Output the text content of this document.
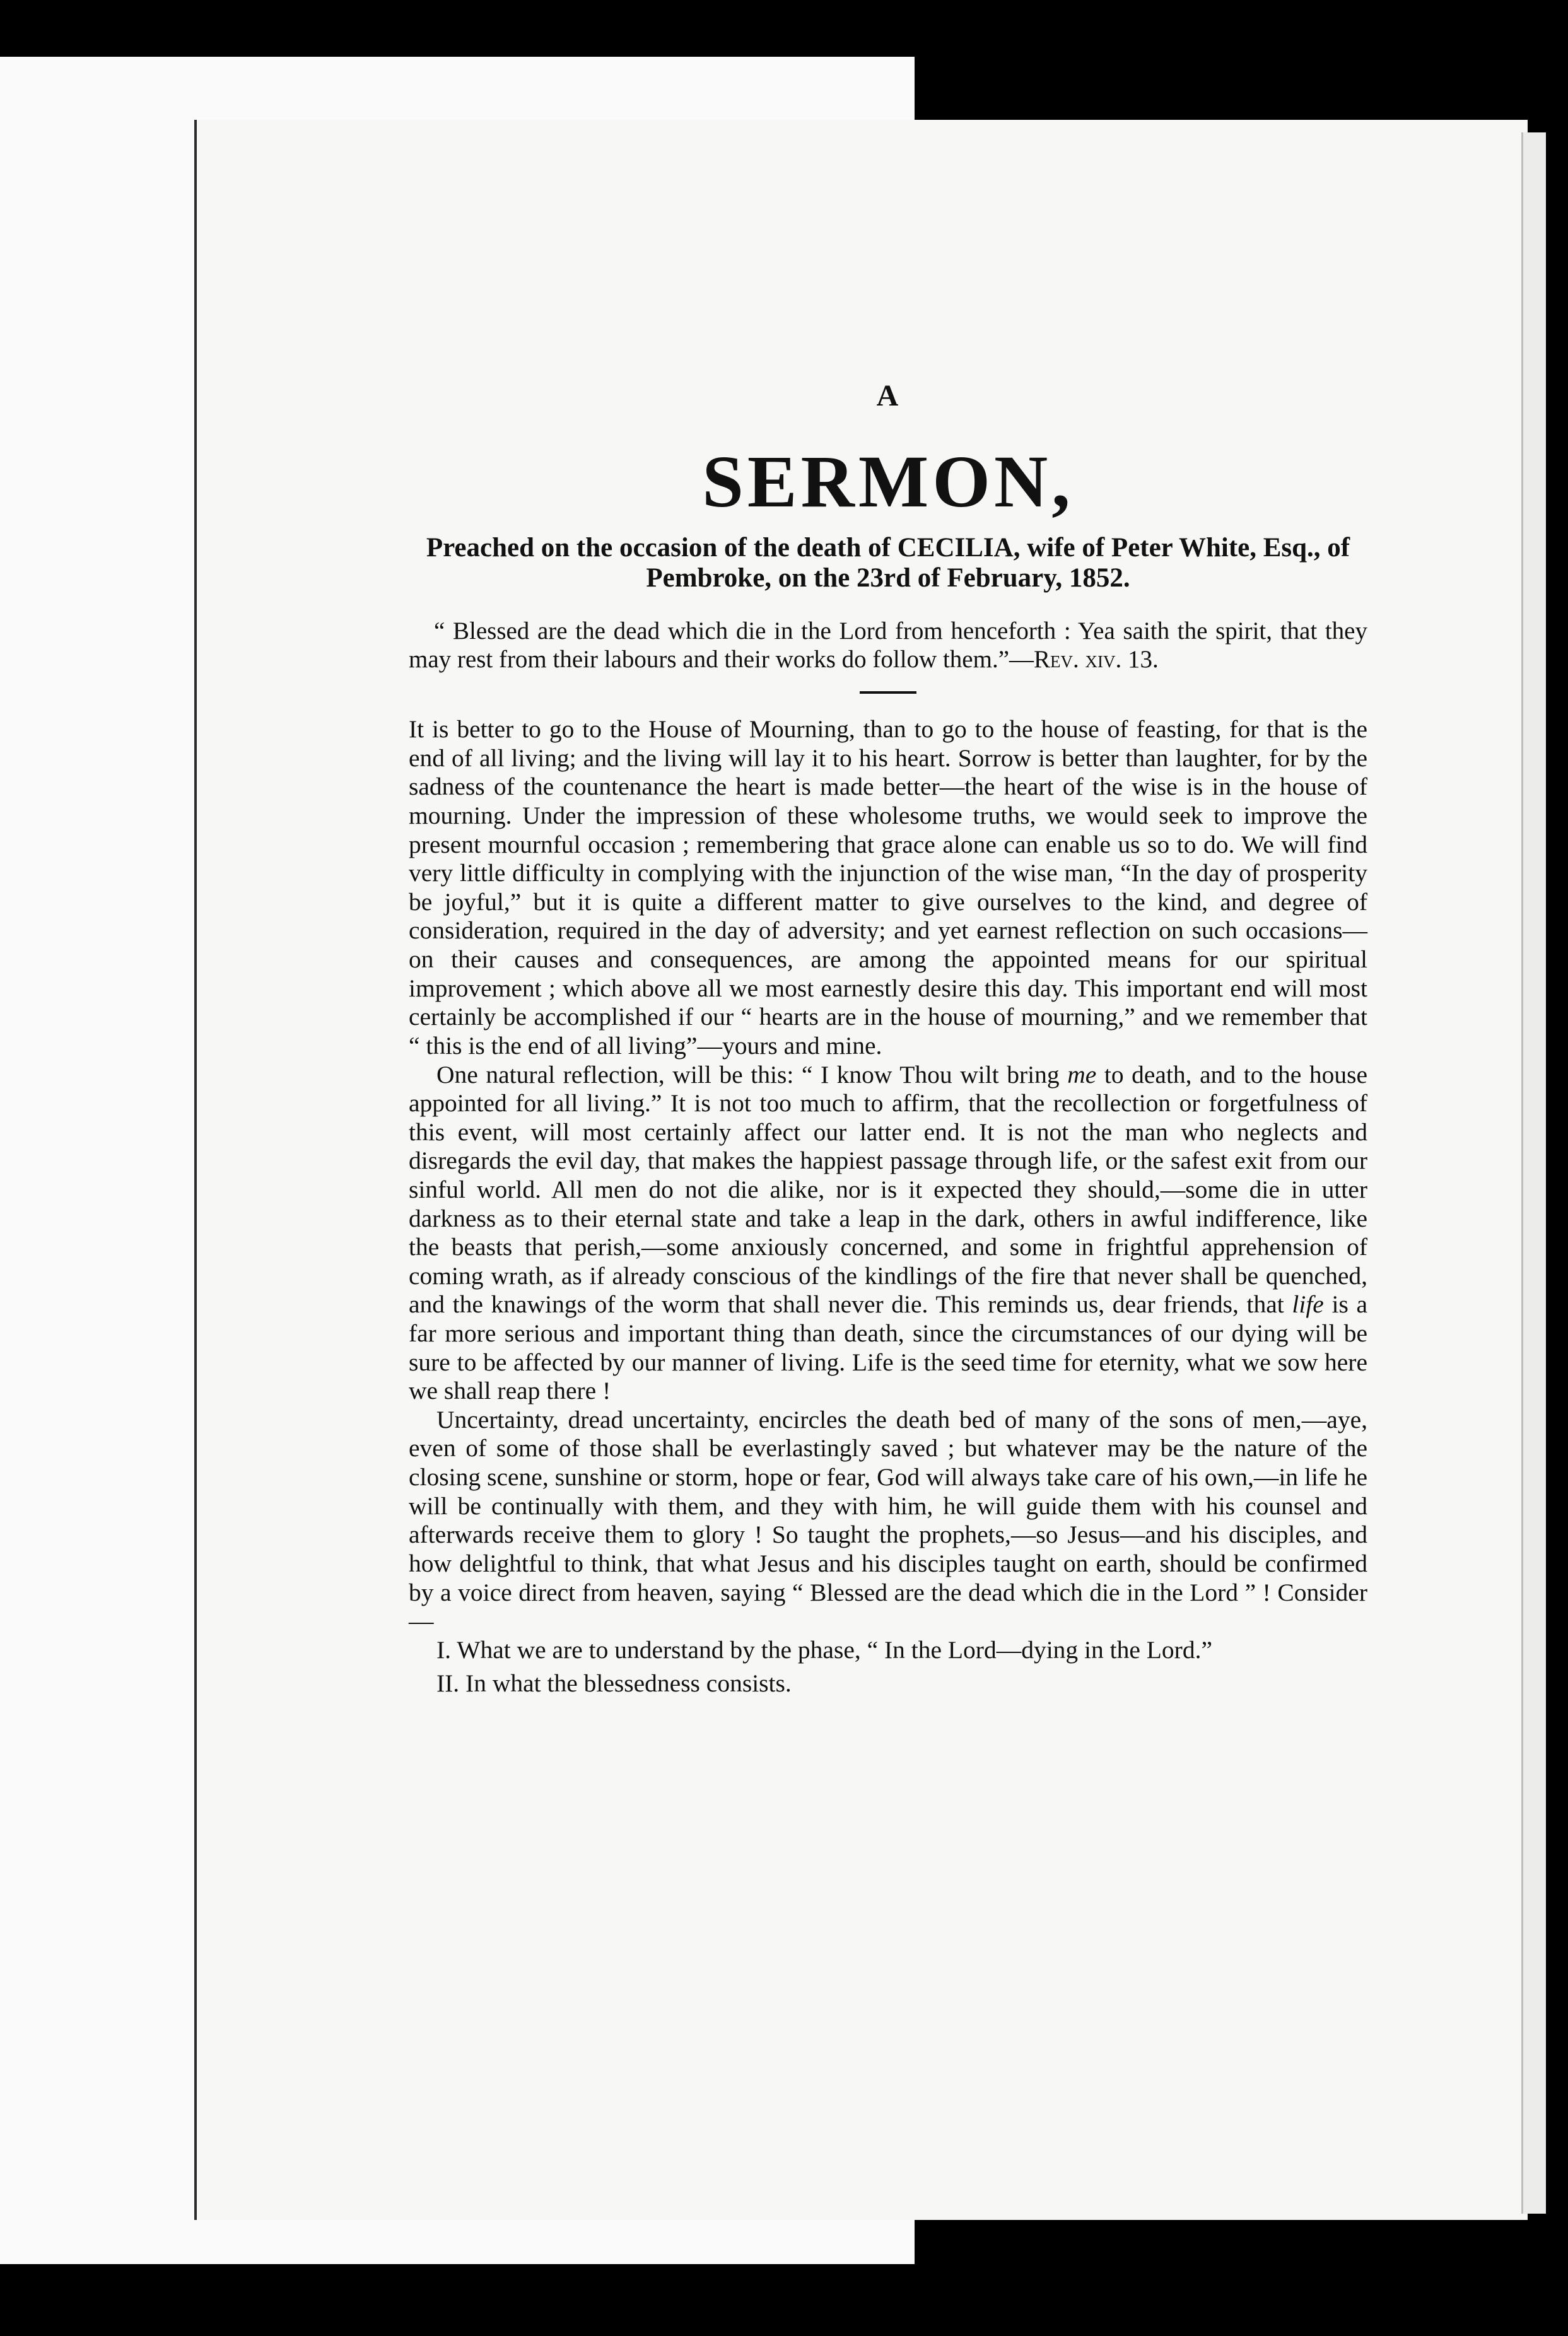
A
SERMON,
Preached on the occasion of the death of CECILIA, wife of Peter White, Esq., of Pembroke, on the 23rd of February, 1852.

“ Blessed are the dead which die in the Lord from henceforth : Yea saith the spirit, that they may rest from their labours and their works do follow them.”—Rev. xiv. 13.

It is better to go to the House of Mourning, than to go to the house of feasting, for that is the end of all living; and the living will lay it to his heart. Sorrow is better than laughter, for by the sadness of the countenance the heart is made better—the heart of the wise is in the house of mourning. Under the impression of these wholesome truths, we would seek to improve the present mournful occasion ; remembering that grace alone can enable us so to do. We will find very little difficulty in complying with the injunction of the wise man, “In the day of prosperity be joyful,” but it is quite a different matter to give ourselves to the kind, and degree of consideration, required in the day of adversity; and yet earnest reflection on such occasions—on their causes and consequences, are among the appointed means for our spiritual improvement ; which above all we most earnestly desire this day. This important end will most certainly be accomplished if our “ hearts are in the house of mourning,” and we remember that “ this is the end of all living”—yours and mine.

One natural reflection, will be this: “ I know Thou wilt bring me to death, and to the house appointed for all living.” It is not too much to affirm, that the recollection or forgetfulness of this event, will most certainly affect our latter end. It is not the man who neglects and disregards the evil day, that makes the happiest passage through life, or the safest exit from our sinful world. All men do not die alike, nor is it expected they should,—some die in utter darkness as to their eternal state and take a leap in the dark, others in awful indifference, like the beasts that perish,—some anxiously concerned, and some in frightful apprehension of coming wrath, as if already conscious of the kindlings of the fire that never shall be quenched, and the knawings of the worm that shall never die. This reminds us, dear friends, that life is a far more serious and important thing than death, since the circumstances of our dying will be sure to be affected by our manner of living. Life is the seed time for eternity, what we sow here we shall reap there !

Uncertainty, dread uncertainty, encircles the death bed of many of the sons of men,—aye, even of some of those shall be everlastingly saved ; but whatever may be the nature of the closing scene, sunshine or storm, hope or fear, God will always take care of his own,—in life he will be continually with them, and they with him, he will guide them with his counsel and afterwards receive them to glory ! So taught the prophets,—so Jesus—and his disciples, and how delightful to think, that what Jesus and his disciples taught on earth, should be confirmed by a voice direct from heaven, saying “ Blessed are the dead which die in the Lord ” ! Consider—

I. What we are to understand by the phase, “ In the Lord—dying in the Lord.”

II. In what the blessedness consists.
